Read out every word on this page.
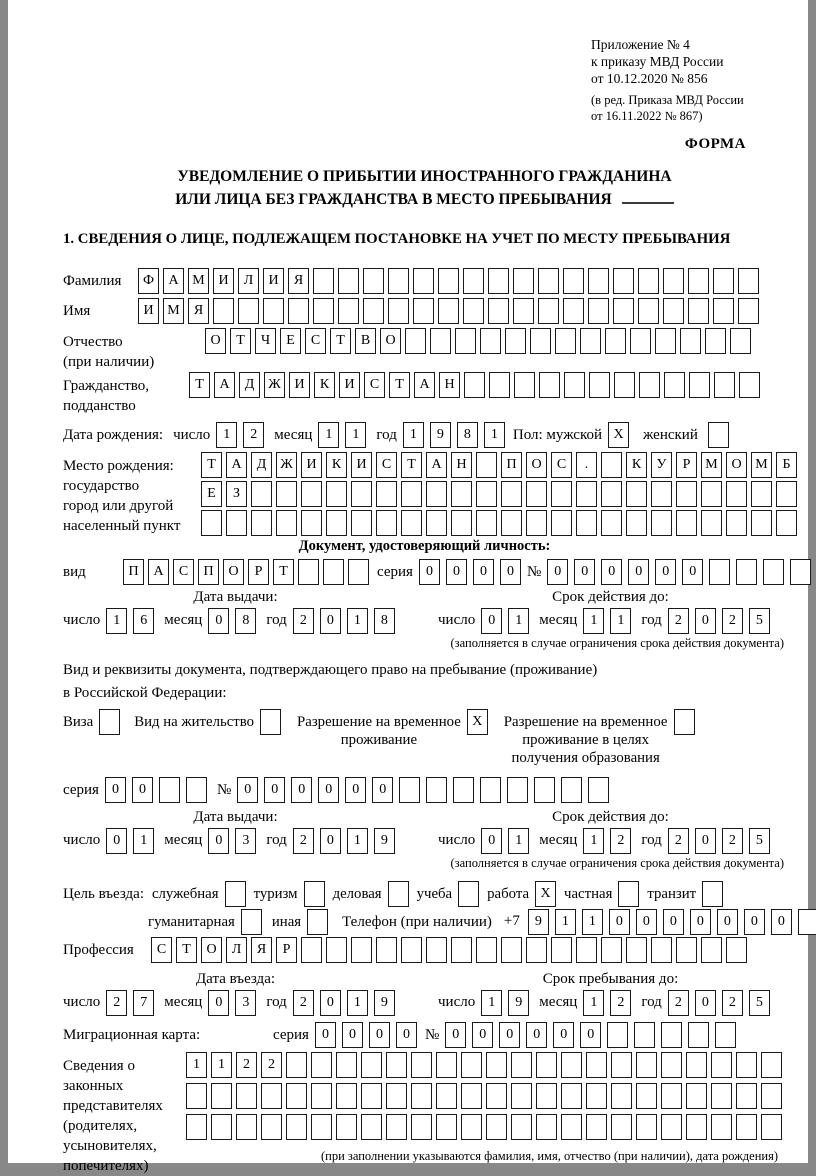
Приложение № 4
к приказу МВД России
от 10.12.2020 № 856
(в ред. Приказа МВД России
от 16.11.2022 № 867)
ФОРМА
УВЕДОМЛЕНИЕ О ПРИБЫТИИ ИНОСТРАННОГО ГРАЖДАНИНА
ИЛИ ЛИЦА БЕЗ ГРАЖДАНСТВА В МЕСТО ПРЕБЫВАНИЯ
1. СВЕДЕНИЯ О ЛИЦЕ, ПОДЛЕЖАЩЕМ ПОСТАНОВКЕ НА УЧЕТ ПО МЕСТУ ПРЕБЫВАНИЯ
Фамилия	Ф	А М И	Л	И	Я
Имя	И М	Я
Отчество
(при наличии)
О	Т	Ч	Е	С	Т	В	О
Гражданство,
подданство
Т	А	Д Ж И	К	И	С	Т	А	Н
Дата рождения: число 1	2	месяц 1	1	год 1	9	8	1	Пол: мужской X	женский
Место рождения:
государство
город или другой
населенный пункт
Т	А	Д Ж И	К	И	С	Т	А	Н	П	О	С	.	К	У	Р	М О М	Б
Е	З
Документ, удостоверяющий личность:
вид	П	А	С	П	О	Р	Т	серия 0	0	0	0 № 0	0	0	0	0	0
Дата выдачи:	Срок действия до:
число 1	6	месяц 0	8	год 2	0	1	8	число 0	1	месяц 1	1	год 2	0	2	5
(заполняется в случае ограничения срока действия документа)
Вид и реквизиты документа, подтверждающего право на пребывание (проживание)
в Российской Федерации:
Виза	Вид на жительство	Разрешение на временное
проживание
X	Разрешение на временное
проживание в целях
получения образования
серия 0	0	№ 0	0	0	0	0	0
Дата выдачи:	Срок действия до:
число 0	1	месяц 0	3	год 2	0	1	9	число 0	1	месяц 1	2	год 2	0	2	5
(заполняется в случае ограничения срока действия документа)
Цель въезда: служебная туризм деловая учеба работа X частная транзит
гуманитарная	иная	Телефон (при наличии) +7	9	1	1	0	0	0	0	0	0	0
Профессия	С	Т	О	Л	Я	Р
Дата въезда:	Срок пребывания до:
число 2	7	месяц 0	3	год 2	0	1	9	число 1	9	месяц 1	2	год 2	0	2	5
Миграционная карта:	серия 0	0	0	0	№ 0	0	0	0	0	0
Сведения о
законных
представителях
(родителях,
усыновителях,
попечителях)
1	1	2	2
(при заполнении указываются фамилия, имя, отчество (при наличии), дата рождения)
